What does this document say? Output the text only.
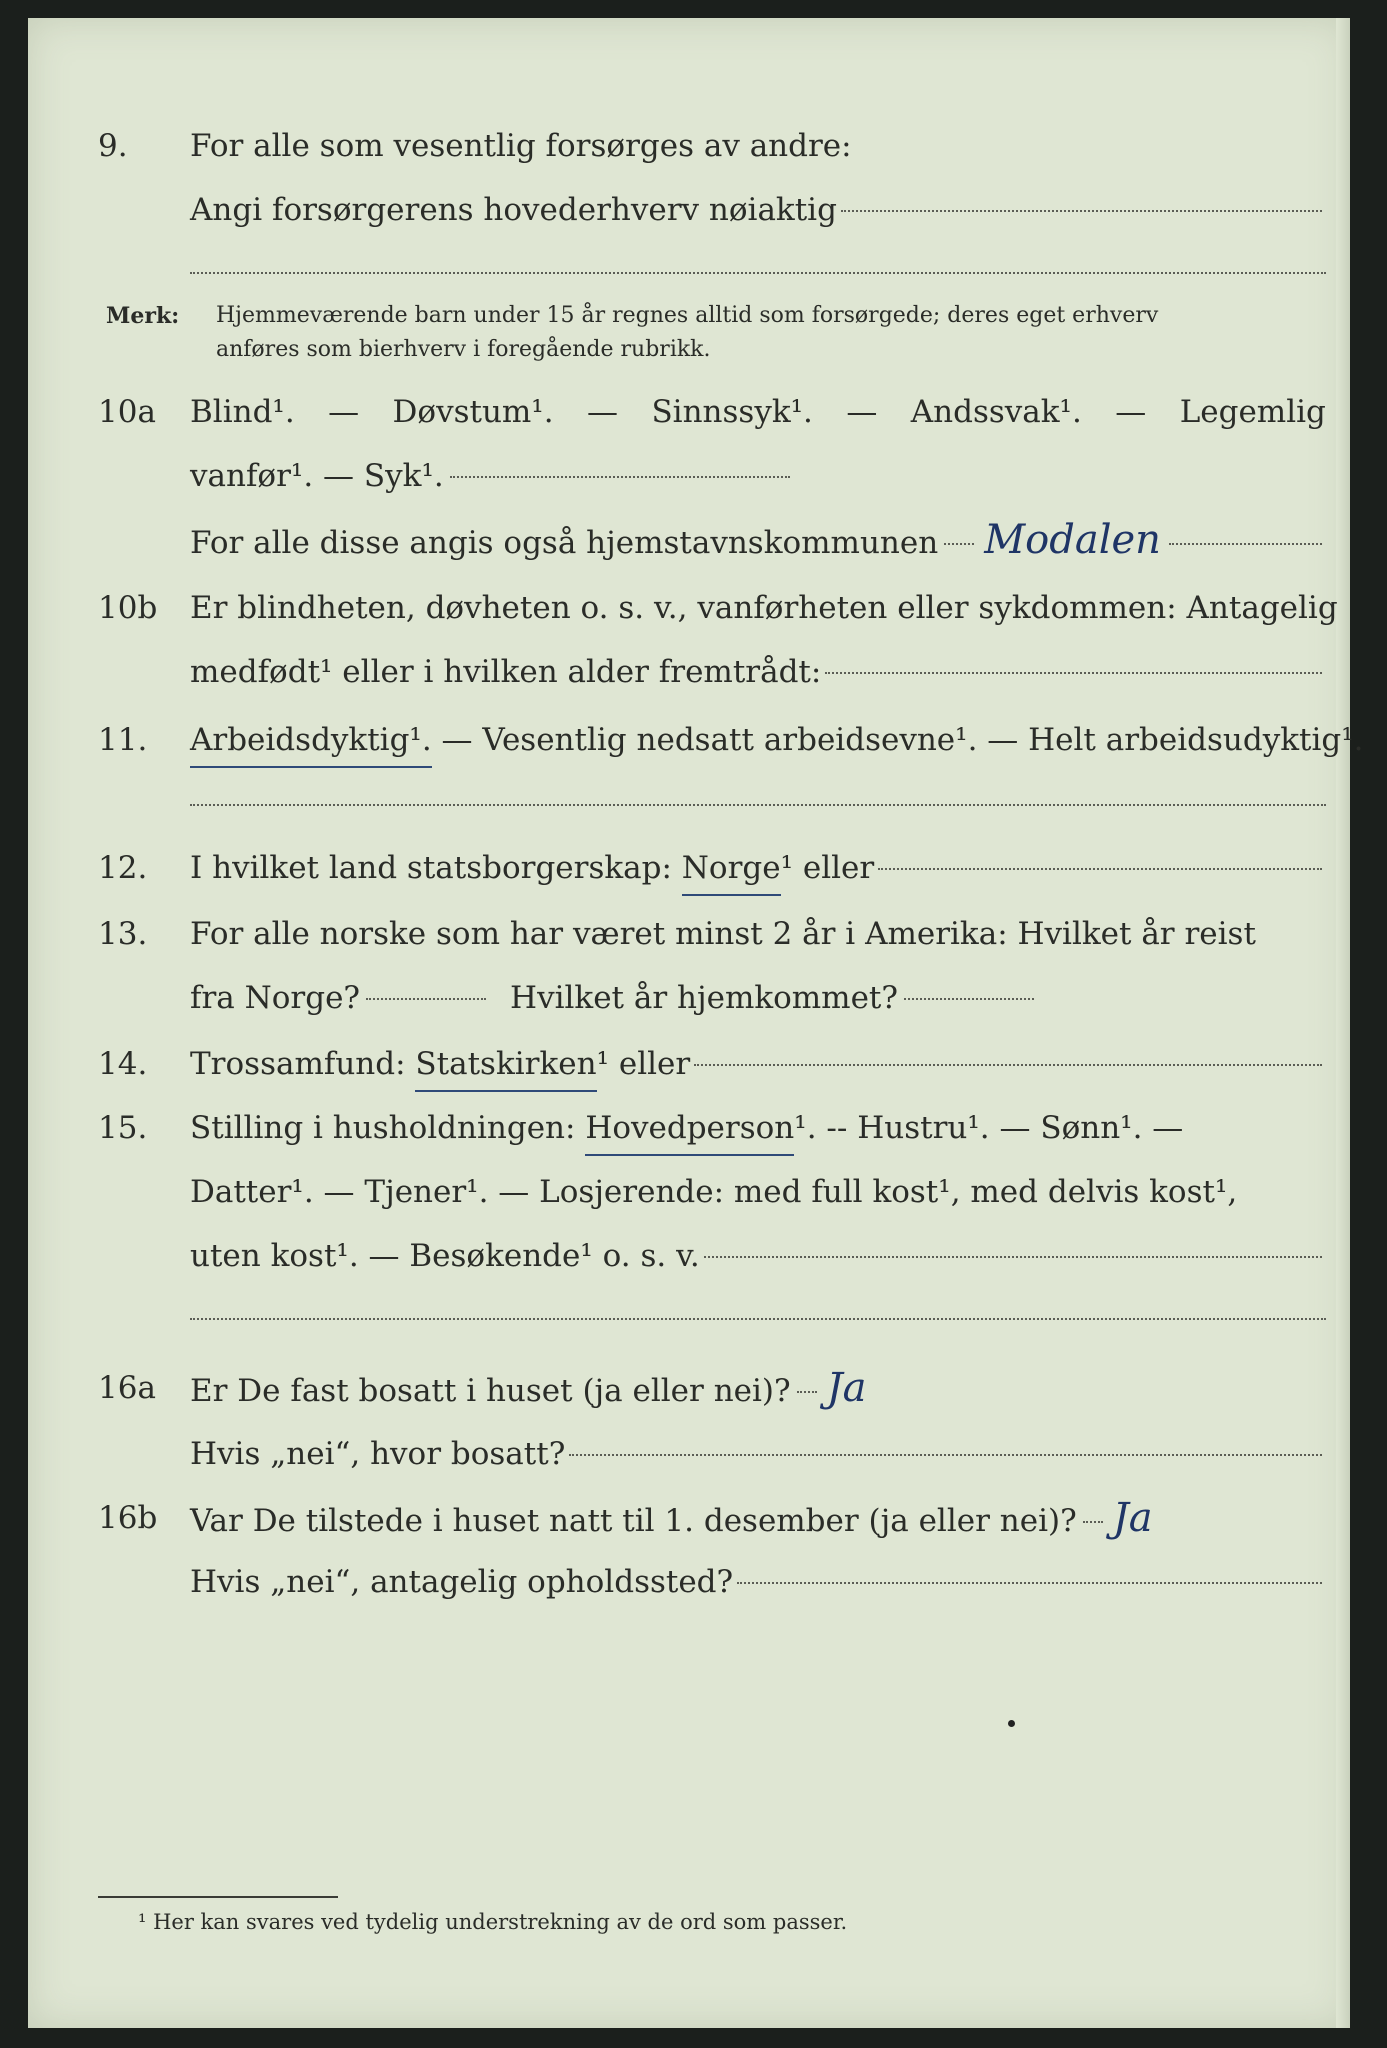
9.	For alle som vesentlig forsørges av andre:
Angi forsørgerens hovederhverv nøiaktig
Merk: Hjemmeværende barn under 15 år regnes alltid som forsørgede; deres eget erhverv
anføres som bierhverv i foregående rubrikk.
10a	Blind¹. — Døvstum¹. — Sinnssyk¹. — Andssvak¹. — Legemlig
vanfør¹. — Syk¹.
For alle disse angis også hjemstavnskommunen Modalen
10b	Er blindheten, døvheten o. s. v., vanførheten eller sykdommen: Antagelig
medfødt¹ eller i hvilken alder fremtrådt:
11.	Arbeidsdyktig¹. — Vesentlig nedsatt arbeidsevne¹. — Helt arbeidsudyktig¹.
12.	I hvilket land statsborgerskap: Norge ¹ eller
13.	For alle norske som har været minst 2 år i Amerika: Hvilket år reist
fra Norge?	Hvilket år hjemkommet?
14.	Trossamfund: Statskirken ¹ eller
15.	Stilling i husholdningen: Hovedperson ¹. -- Hustru¹. — Sønn¹. —
Datter¹. — Tjener¹. — Losjerende: med full kost¹, med delvis kost¹,
uten kost¹. — Besøkende¹ o. s. v.
16a	Er De fast bosatt i huset (ja eller nei)? Ja
Hvis „nei“, hvor bosatt?
16b	Var De tilstede i huset natt til 1. desember (ja eller nei)? Ja
Hvis „nei“, antagelig opholdssted?
¹ Her kan svares ved tydelig understrekning av de ord som passer.
